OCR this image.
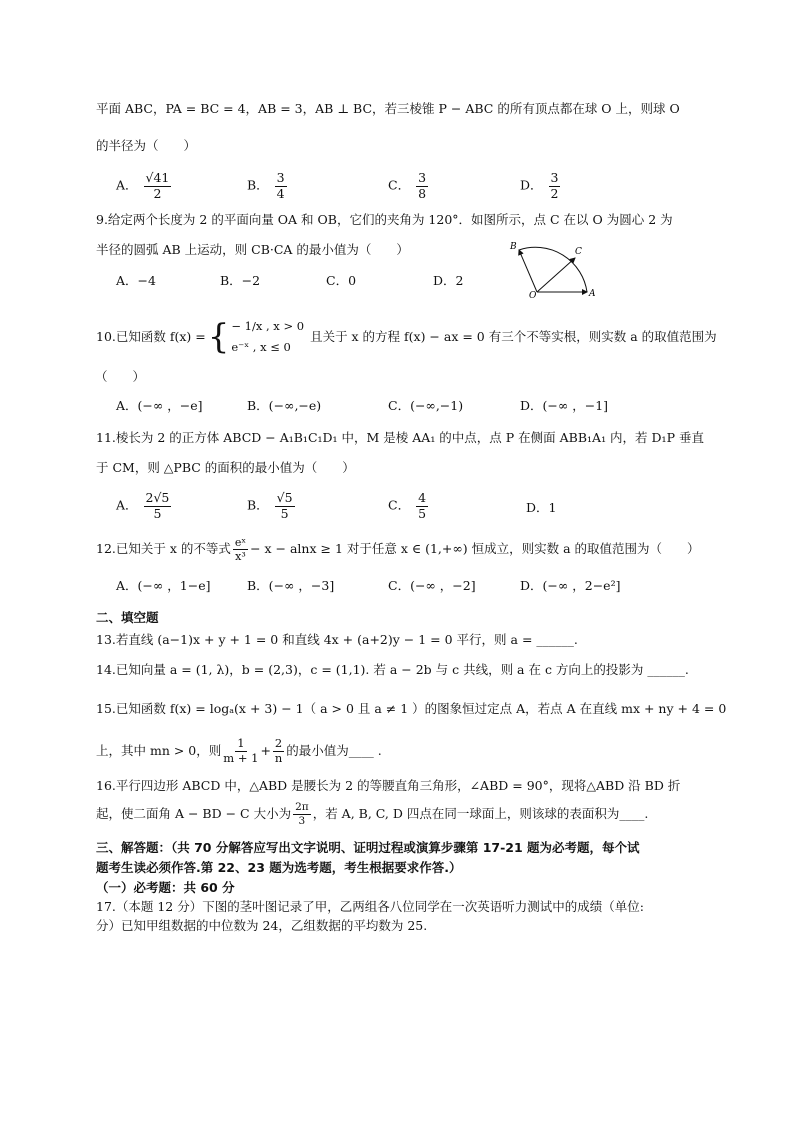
平面 ABC，PA = BC = 4，AB = 3，AB ⊥ BC，若三棱锥 P − ABC 的所有顶点都在球 O 上，则球 O
的半径为（　　）
A． $\frac{√41}{2}$	B． $\frac{3}{4}$	C． $\frac{3}{8}$	D． $\frac{3}{2}$
9.给定两个长度为 2 的平面向量 OA 和 OB，它们的夹角为 120°．如图所示，点 C 在以 O 为圆心 2 为
半径的圆弧 AB 上运动，则 CB·CA 的最小值为（　　）
A．−4	B．−2	C．0	D．2
O	A
B	C
10.已知函数 f(x) = { − 1/x , x > 0
e⁻ˣ , x ≤ 0
且关于 x 的方程 f(x) − ax = 0 有三个不等实根，则实数 a 的取值范围为
（　　）
A．(−∞ ，−e]	B．(−∞,−e)	C．(−∞,−1)	D．(−∞ ，−1]
11.棱长为 2 的正方体 ABCD − A₁B₁C₁D₁ 中，M 是棱 AA₁ 的中点，点 P 在侧面 ABB₁A₁ 内，若 D₁P 垂直
于 CM，则 △PBC 的面积的最小值为（　　）
A． $\frac{2√5}{5}$	B． $\frac{√5}{5}$	C． $\frac{4}{5}$	D．1
12.已知关于 x 的不等式 $\frac{\text{eˣ}}{\text{x³}} - x - alnx \ge 1$ 对于任意 x ∈ (1,+∞) 恒成立，则实数 a 的取值范围为（　　）
A．(−∞ ，1−e]	B．(−∞ ，−3]	C．(−∞ ，−2]	D．(−∞ ，2−e²]
二、填空题
13.若直线 (a−1)x + y + 1 = 0 和直线 4x + (a+2)y − 1 = 0 平行，则 a = ______.
14.已知向量 a = (1, λ)，b = (2,3)，c = (1,1). 若 a − 2b 与 c 共线，则 a 在 c 方向上的投影为 ______.
15.已知函数 f(x) = logₐ(x + 3) − 1（ a > 0 且 a ≠ 1 ）的图象恒过定点 A，若点 A 在直线 mx + ny + 4 = 0
上，其中 mn > 0，则 $\frac{1}{m + 1} + \frac{2}{n}$ 的最小值为____ .
16.平行四边形 ABCD 中，△ABD 是腰长为 2 的等腰直角三角形，∠ABD = 90°，现将△ABD 沿 BD 折
起，使二面角 A − BD − C 大小为 $\frac{2\pi}{3}$ ，若 A, B, C, D 四点在同一球面上，则该球的表面积为____.
三、解答题：（共 70 分解答应写出文字说明、证明过程或演算步骤第 17-21 题为必考题，每个试
题考生读必须作答.第 22、23 题为选考题，考生根据要求作答.）
（一）必考题：共 60 分
17.（本题 12 分）下图的茎叶图记录了甲，乙两组各八位同学在一次英语听力测试中的成绩（单位:
分）已知甲组数据的中位数为 24，乙组数据的平均数为 25.
